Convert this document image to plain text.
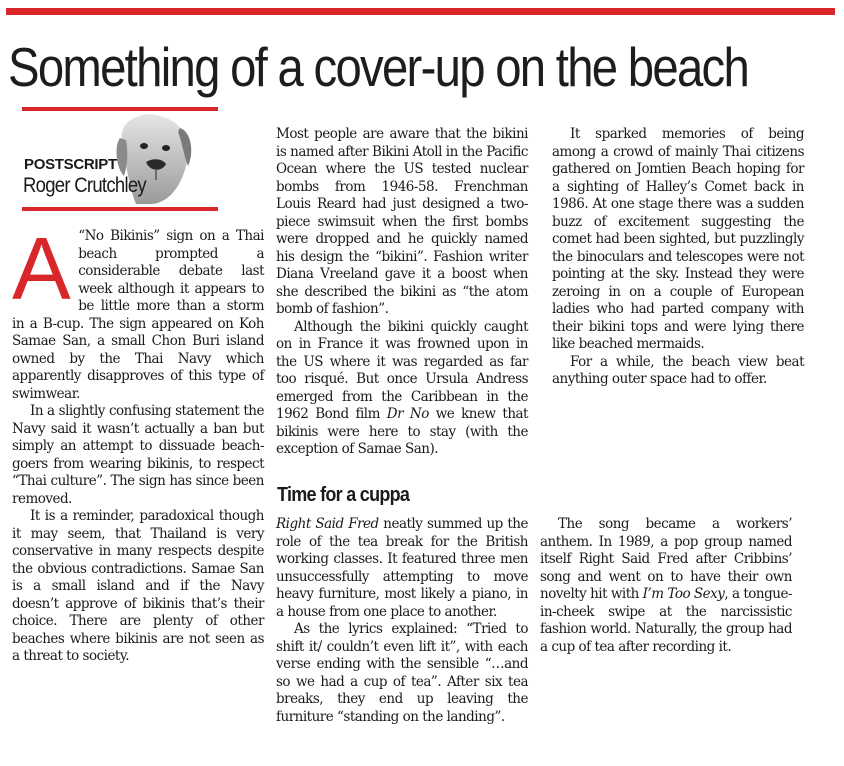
Something of a cover-up on the beach
POSTSCRIPT
Roger Crutchley
A “No Bikinis” sign on a Thai beach prompted a considerable debate last week although it appears to be little more than a storm in a B-cup. The sign appeared on Koh Samae San, a small Chon Buri island owned by the Thai Navy which apparently disapproves of this type of swimwear.

In a slightly confusing statement the Navy said it wasn’t actually a ban but simply an attempt to dissuade beach-goers from wearing bikinis, to respect “Thai culture”. The sign has since been removed.

It is a reminder, paradoxical though it may seem, that Thailand is very conservative in many respects despite the obvious contradictions. Samae San is a small island and if the Navy doesn’t approve of bikinis that’s their choice. There are plenty of other beaches where bikinis are not seen as a threat to society.

Most people are aware that the bikini is named after Bikini Atoll in the Pacific Ocean where the US tested nuclear bombs from 1946-58. Frenchman Louis Reard had just designed a two-piece swimsuit when the first bombs were dropped and he quickly named his design the “bikini”. Fashion writer Diana Vreeland gave it a boost when she described the bikini as “the atom bomb of fashion”.

Although the bikini quickly caught on in France it was frowned upon in the US where it was regarded as far too risqué. But once Ursula Andress emerged from the Caribbean in the 1962 Bond film Dr No we knew that bikinis were here to stay (with the exception of Samae San).

It sparked memories of being among a crowd of mainly Thai citizens gathered on Jomtien Beach hoping for a sighting of Halley’s Comet back in 1986. At one stage there was a sudden buzz of excitement suggesting the comet had been sighted, but puzzlingly the binoculars and telescopes were not pointing at the sky. Instead they were zeroing in on a couple of European ladies who had parted company with their bikini tops and were lying there like beached mermaids.

For a while, the beach view beat anything outer space had to offer.

Time for a cuppa

Right Said Fred neatly summed up the role of the tea break for the British working classes. It featured three men unsuccessfully attempting to move heavy furniture, most likely a piano, in a house from one place to another.

As the lyrics explained: “Tried to shift it/ couldn’t even lift it”, with each verse ending with the sensible “…and so we had a cup of tea”. After six tea breaks, they end up leaving the furniture “standing on the landing”.

The song became a workers’ anthem. In 1989, a pop group named itself Right Said Fred after Cribbins’ song and went on to have their own novelty hit with I’m Too Sexy, a tongue-in-cheek swipe at the narcissistic fashion world. Naturally, the group had a cup of tea after recording it.
